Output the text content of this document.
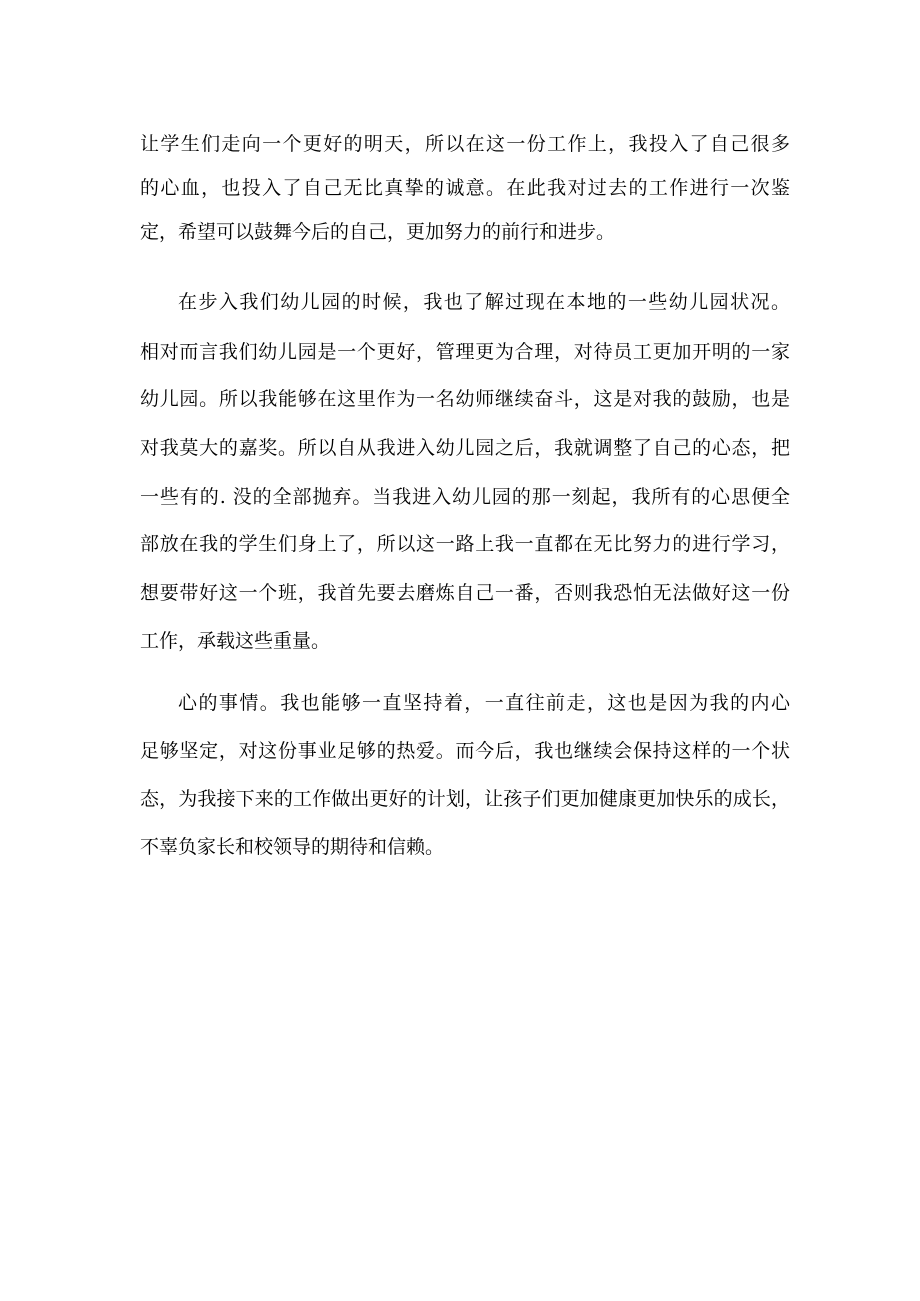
让学生们走向一个更好的明天，所以在这一份工作上，我投入了自己很多
的心血，也投入了自己无比真挚的诚意。在此我对过去的工作进行一次鉴
定，希望可以鼓舞今后的自己，更加努力的前行和进步。
在步入我们幼儿园的时候，我也了解过现在本地的一些幼儿园状况。
相对而言我们幼儿园是一个更好，管理更为合理，对待员工更加开明的一家
幼儿园。所以我能够在这里作为一名幼师继续奋斗，这是对我的鼓励，也是
对我莫大的嘉奖。所以自从我进入幼儿园之后，我就调整了自己的心态，把
一些有的. 没的全部抛弃。当我进入幼儿园的那一刻起，我所有的心思便全
部放在我的学生们身上了，所以这一路上我一直都在无比努力的进行学习，
想要带好这一个班，我首先要去磨炼自己一番，否则我恐怕无法做好这一份
工作，承载这些重量。
心的事情。我也能够一直坚持着，一直往前走，这也是因为我的内心
足够坚定，对这份事业足够的热爱。而今后，我也继续会保持这样的一个状
态，为我接下来的工作做出更好的计划，让孩子们更加健康更加快乐的成长，
不辜负家长和校领导的期待和信赖。
